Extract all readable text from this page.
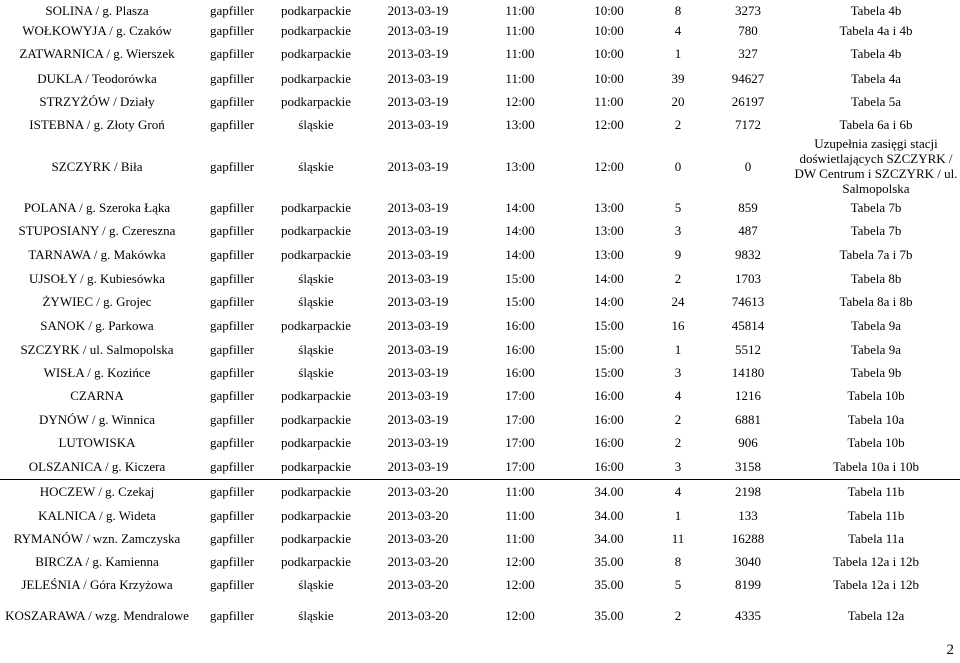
SOLINA / g. Plasza	gapfiller	podkarpackie	2013-03-19	11:00	10:00	8	3273	Tabela 4b
WOŁKOWYJA / g. Czaków	gapfiller	podkarpackie	2013-03-19	11:00	10:00	4	780	Tabela 4a i 4b
ZATWARNICA / g. Wierszek	gapfiller	podkarpackie	2013-03-19	11:00	10:00	1	327	Tabela 4b
DUKLA / Teodorówka	gapfiller	podkarpackie	2013-03-19	11:00	10:00	39	94627	Tabela 4a
STRZYŻÓW / Działy	gapfiller	podkarpackie	2013-03-19	12:00	11:00	20	26197	Tabela 5a
ISTEBNA / g. Złoty Groń	gapfiller	śląskie	2013-03-19	13:00	12:00	2	7172	Tabela 6a i 6b
SZCZYRK / Biła	gapfiller	śląskie	2013-03-19	13:00	12:00	0	0	Uzupełnia zasięgi stacji doświetlających SZCZYRK / DW Centrum i SZCZYRK / ul. Salmopolska
POLANA / g. Szeroka Łąka	gapfiller	podkarpackie	2013-03-19	14:00	13:00	5	859	Tabela 7b
STUPOSIANY / g. Czereszna	gapfiller	podkarpackie	2013-03-19	14:00	13:00	3	487	Tabela 7b
TARNAWA / g. Makówka	gapfiller	podkarpackie	2013-03-19	14:00	13:00	9	9832	Tabela 7a i 7b
UJSOŁY / g. Kubiesówka	gapfiller	śląskie	2013-03-19	15:00	14:00	2	1703	Tabela 8b
ŻYWIEC / g. Grojec	gapfiller	śląskie	2013-03-19	15:00	14:00	24	74613	Tabela 8a i 8b
SANOK / g. Parkowa	gapfiller	podkarpackie	2013-03-19	16:00	15:00	16	45814	Tabela 9a
SZCZYRK / ul. Salmopolska	gapfiller	śląskie	2013-03-19	16:00	15:00	1	5512	Tabela 9a
WISŁA / g. Kozińce	gapfiller	śląskie	2013-03-19	16:00	15:00	3	14180	Tabela 9b
CZARNA	gapfiller	podkarpackie	2013-03-19	17:00	16:00	4	1216	Tabela 10b
DYNÓW / g. Winnica	gapfiller	podkarpackie	2013-03-19	17:00	16:00	2	6881	Tabela 10a
LUTOWISKA	gapfiller	podkarpackie	2013-03-19	17:00	16:00	2	906	Tabela 10b
OLSZANICA / g. Kiczera	gapfiller	podkarpackie	2013-03-19	17:00	16:00	3	3158	Tabela 10a i 10b
HOCZEW / g. Czekaj	gapfiller	podkarpackie	2013-03-20	11:00	34.00	4	2198	Tabela 11b
KALNICA / g. Wideta	gapfiller	podkarpackie	2013-03-20	11:00	34.00	1	133	Tabela 11b
RYMANÓW / wzn. Zamczyska	gapfiller	podkarpackie	2013-03-20	11:00	34.00	11	16288	Tabela 11a
BIRCZA / g. Kamienna	gapfiller	podkarpackie	2013-03-20	12:00	35.00	8	3040	Tabela 12a i 12b
JELEŚNIA / Góra Krzyżowa	gapfiller	śląskie	2013-03-20	12:00	35.00	5	8199	Tabela 12a i 12b
KOSZARAWA / wzg. Mendralowe	gapfiller	śląskie	2013-03-20	12:00	35.00	2	4335	Tabela 12a
2
